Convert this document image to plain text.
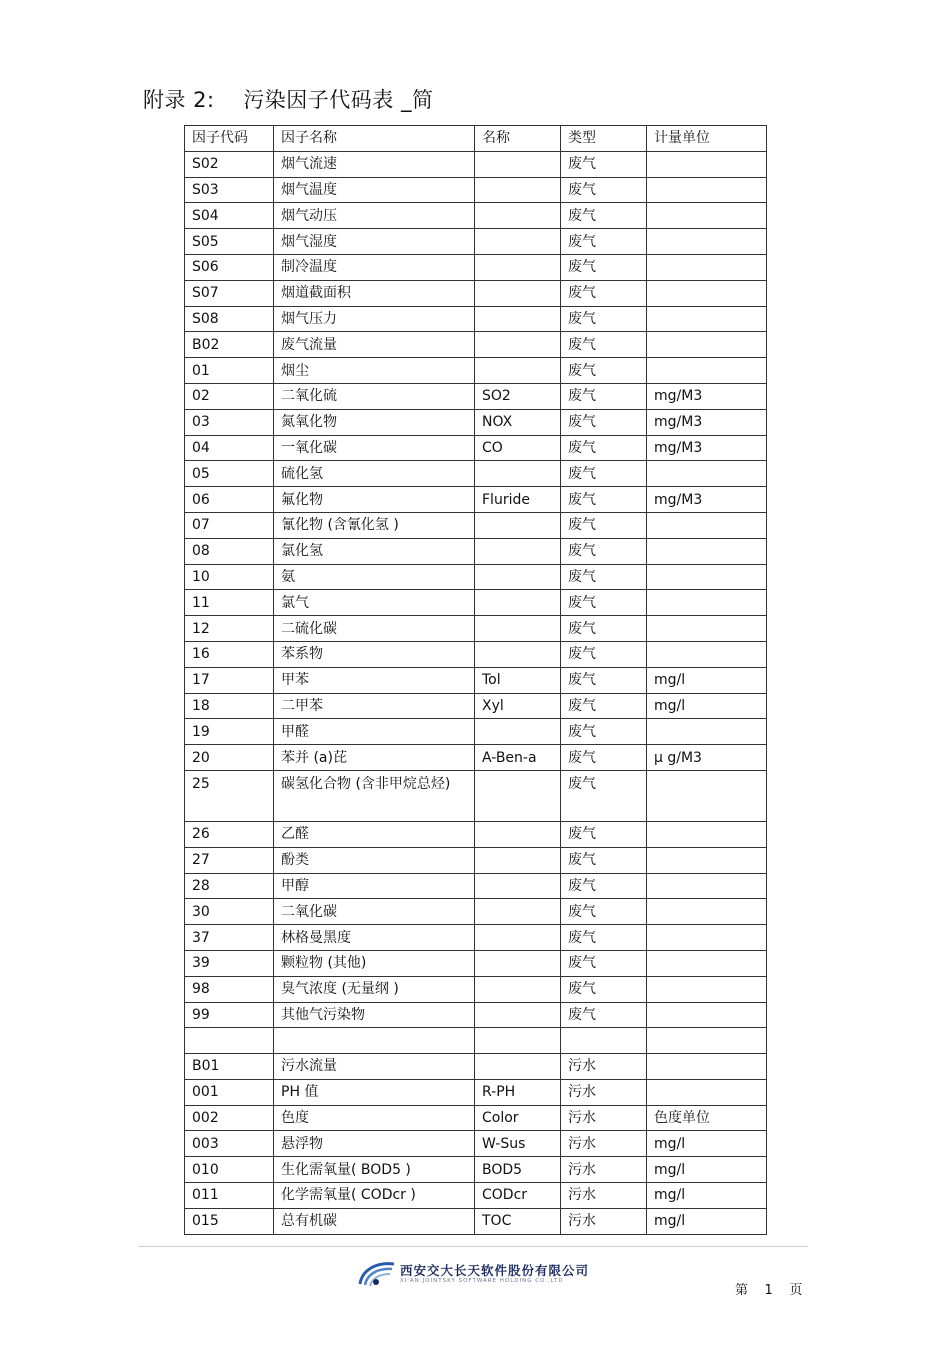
附录 2:    污染因子代码表 _简
因子代码	因子名称	名称	类型	计量单位
S02	烟气流速		废气	
S03	烟气温度		废气	
S04	烟气动压		废气	
S05	烟气湿度		废气	
S06	制冷温度		废气	
S07	烟道截面积		废气	
S08	烟气压力		废气	
B02	废气流量		废气	
01	烟尘		废气	
02	二氧化硫	SO2	废气	mg/M3
03	氮氧化物	NOX	废气	mg/M3
04	一氧化碳	CO	废气	mg/M3
05	硫化氢		废气	
06	氟化物	Fluride	废气	mg/M3
07	氰化物 (含氰化氢 )		废气	
08	氯化氢		废气	
10	氨		废气	
11	氯气		废气	
12	二硫化碳		废气	
16	苯系物		废气	
17	甲苯	Tol	废气	mg/l
18	二甲苯	Xyl	废气	mg/l
19	甲醛		废气	
20	苯并 (a)芘	A-Ben-a	废气	μ g/M3
25	碳氢化合物 (含非甲烷总烃)		废气	
26	乙醛		废气	
27	酚类		废气	
28	甲醇		废气	
30	二氧化碳		废气	
37	林格曼黑度		废气	
39	颗粒物 (其他)		废气	
98	臭气浓度 (无量纲 )		废气	
99	其他气污染物		废气	

B01	污水流量		污水	
001	PH 值	R-PH	污水	
002	色度	Color	污水	色度单位
003	悬浮物	W-Sus	污水	mg/l
010	生化需氧量( BOD5 )	BOD5	污水	mg/l
011	化学需氧量( CODcr )	CODcr	污水	mg/l
015	总有机碳	TOC	污水	mg/l
西安交大长天软件股份有限公司
XI'AN JOINTSKY SOFTWARE HOLDING CO.,LTD
第    1    页
